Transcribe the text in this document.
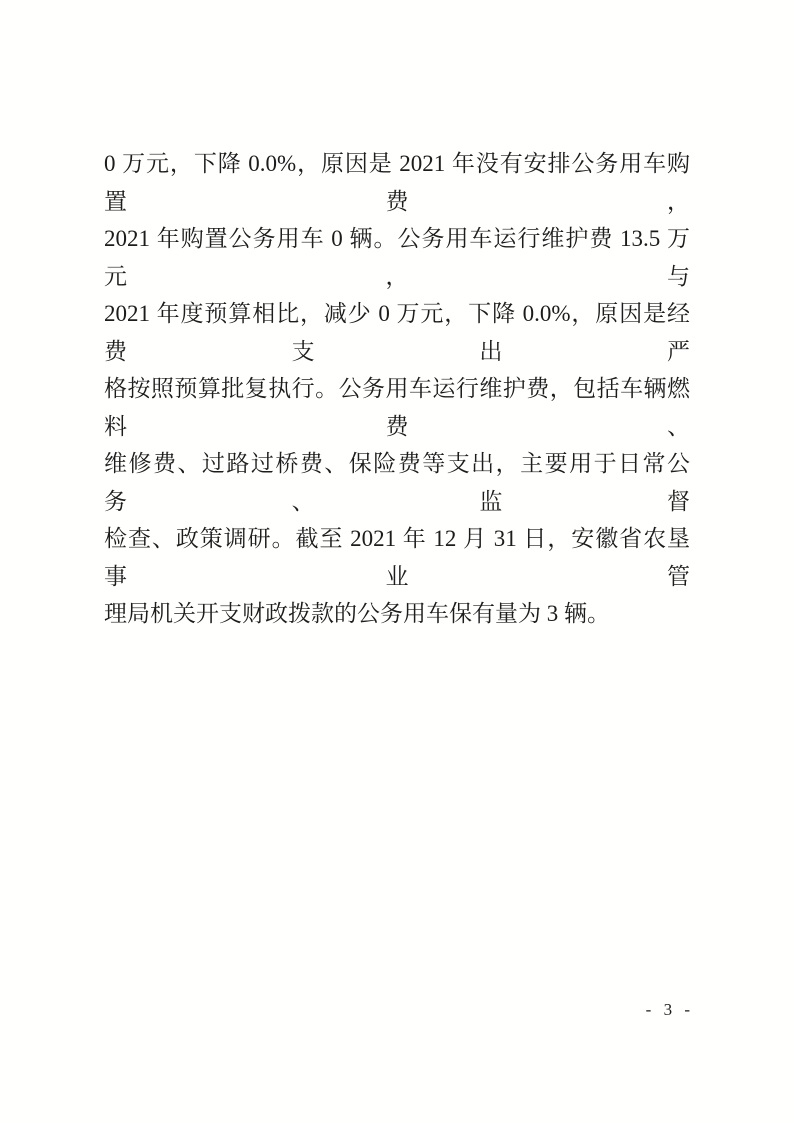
0 万元，下降 0.0%，原因是 2021 年没有安排公务用车购置费，
2021 年购置公务用车 0 辆。公务用车运行维护费 13.5 万元，与
2021 年度预算相比，减少 0 万元，下降 0.0%，原因是经费支出严
格按照预算批复执行。公务用车运行维护费，包括车辆燃料费、
维修费、过路过桥费、保险费等支出，主要用于日常公务、监督
检查、政策调研。截至 2021 年 12 月 31 日，安徽省农垦事业管
理局机关开支财政拨款的公务用车保有量为 3 辆。
- 3 -
